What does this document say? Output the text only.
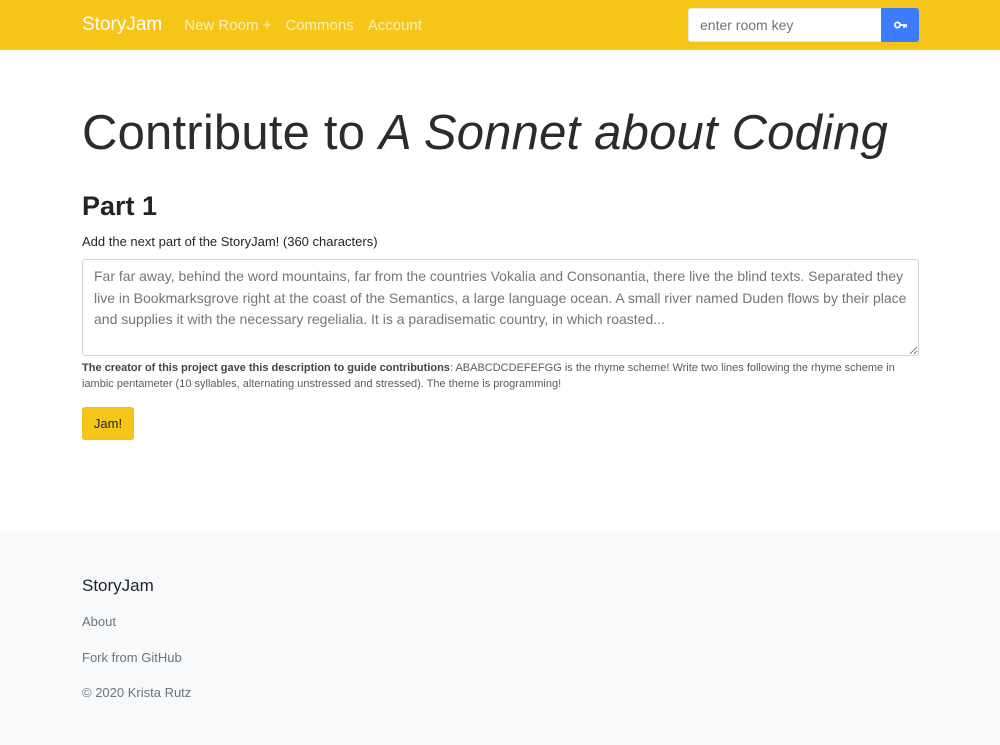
StoryJam New Room + Commons Account
enter room key
Contribute to A Sonnet about Coding
Part 1
Add the next part of the StoryJam! (360 characters)
Far far away, behind the word mountains, far from the countries Vokalia and Consonantia, there live the blind texts. Separated they live in Bookmarksgrove right at the coast of the Semantics, a large language ocean. A small river named Duden flows by their place and supplies it with the necessary regelialia. It is a paradisematic country, in which roasted...

The creator of this project gave this description to guide contributions: ABABCDCDEFEFGG is the rhyme scheme! Write two lines following the rhyme scheme in iambic pentameter (10 syllables, alternating unstressed and stressed). The theme is programming!

Jam!
StoryJam
About
Fork from GitHub
© 2020 Krista Rutz
